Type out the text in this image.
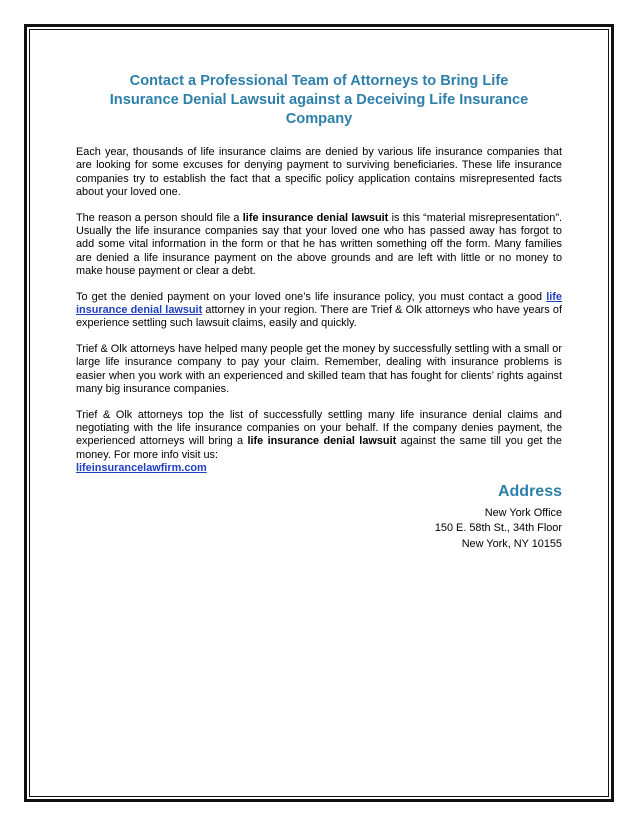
Contact a Professional Team of Attorneys to Bring Life
Insurance Denial Lawsuit against a Deceiving Life Insurance
Company

Each year, thousands of life insurance claims are denied by various life insurance companies that are looking for some excuses for denying payment to surviving beneficiaries. These life insurance companies try to establish the fact that a specific policy application contains misrepresented facts about your loved one.

The reason a person should file a life insurance denial lawsuit is this “material misrepresentation”. Usually the life insurance companies say that your loved one who has passed away has forgot to add some vital information in the form or that he has written something off the form. Many families are denied a life insurance payment on the above grounds and are left with little or no money to make house payment or clear a debt.

To get the denied payment on your loved one’s life insurance policy, you must contact a good life insurance denial lawsuit attorney in your region. There are Trief & Olk attorneys who have years of experience settling such lawsuit claims, easily and quickly.

Trief & Olk attorneys have helped many people get the money by successfully settling with a small or large life insurance company to pay your claim. Remember, dealing with insurance problems is easier when you work with an experienced and skilled team that has fought for clients’ rights against many big insurance companies.

Trief & Olk attorneys top the list of successfully settling many life insurance denial claims and negotiating with the life insurance companies on your behalf. If the company denies payment, the experienced attorneys will bring a life insurance denial lawsuit against the same till you get the money. For more info visit us:
lifeinsurancelawfirm.com

Address
New York Office
150 E. 58th St., 34th Floor
New York, NY 10155
